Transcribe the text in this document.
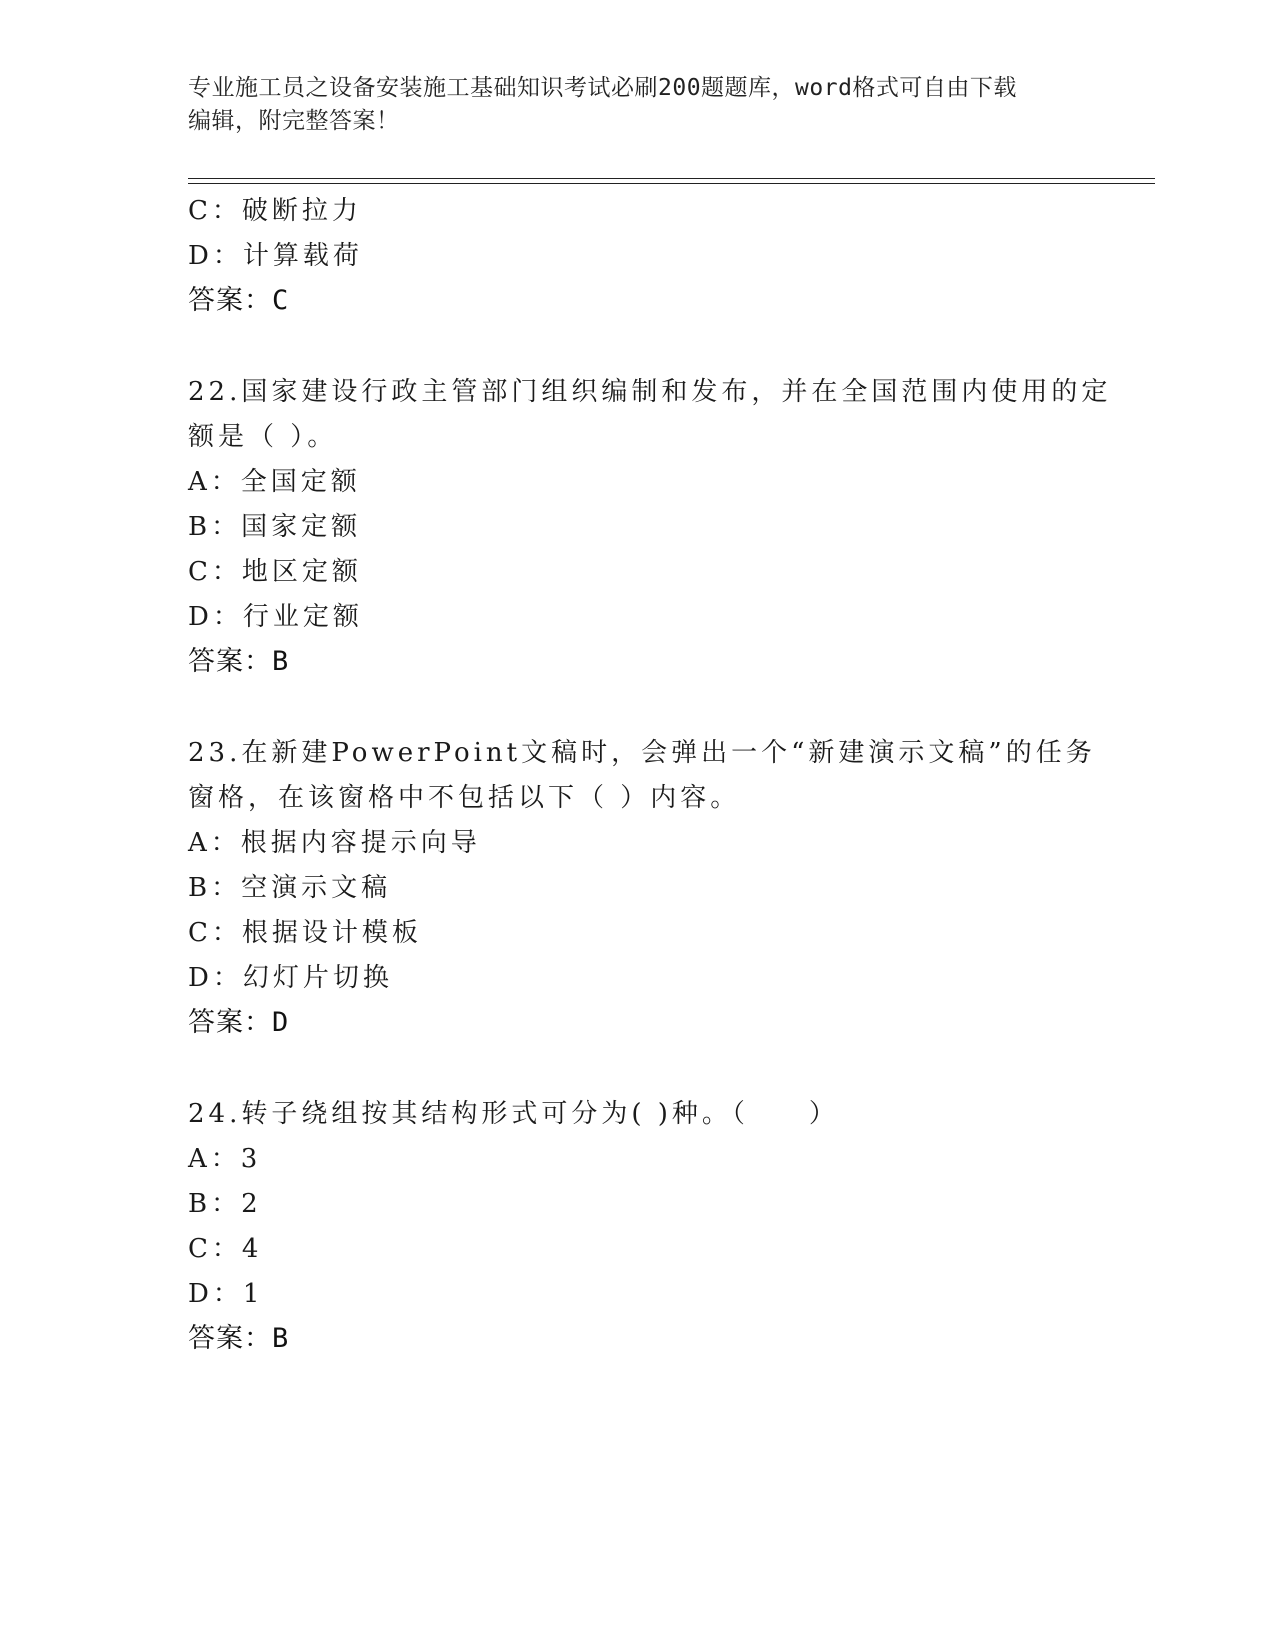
专业施工员之设备安装施工基础知识考试必刷200题题库，word格式可自由下载
编辑，附完整答案！
C：破断拉力
D：计算载荷
答案：C
22.国家建设行政主管部门组织编制和发布，并在全国范围内使用的定
额是（ ）。
A：全国定额
B：国家定额
C：地区定额
D：行业定额
答案：B
23.在新建PowerPoint文稿时，会弹出一个“新建演示文稿”的任务
窗格，在该窗格中不包括以下（ ）内容。
A：根据内容提示向导
B：空演示文稿
C：根据设计模板
D：幻灯片切换
答案：D
24.转子绕组按其结构形式可分为( )种。（　　）
A：3
B：2
C：4
D：1
答案：B
